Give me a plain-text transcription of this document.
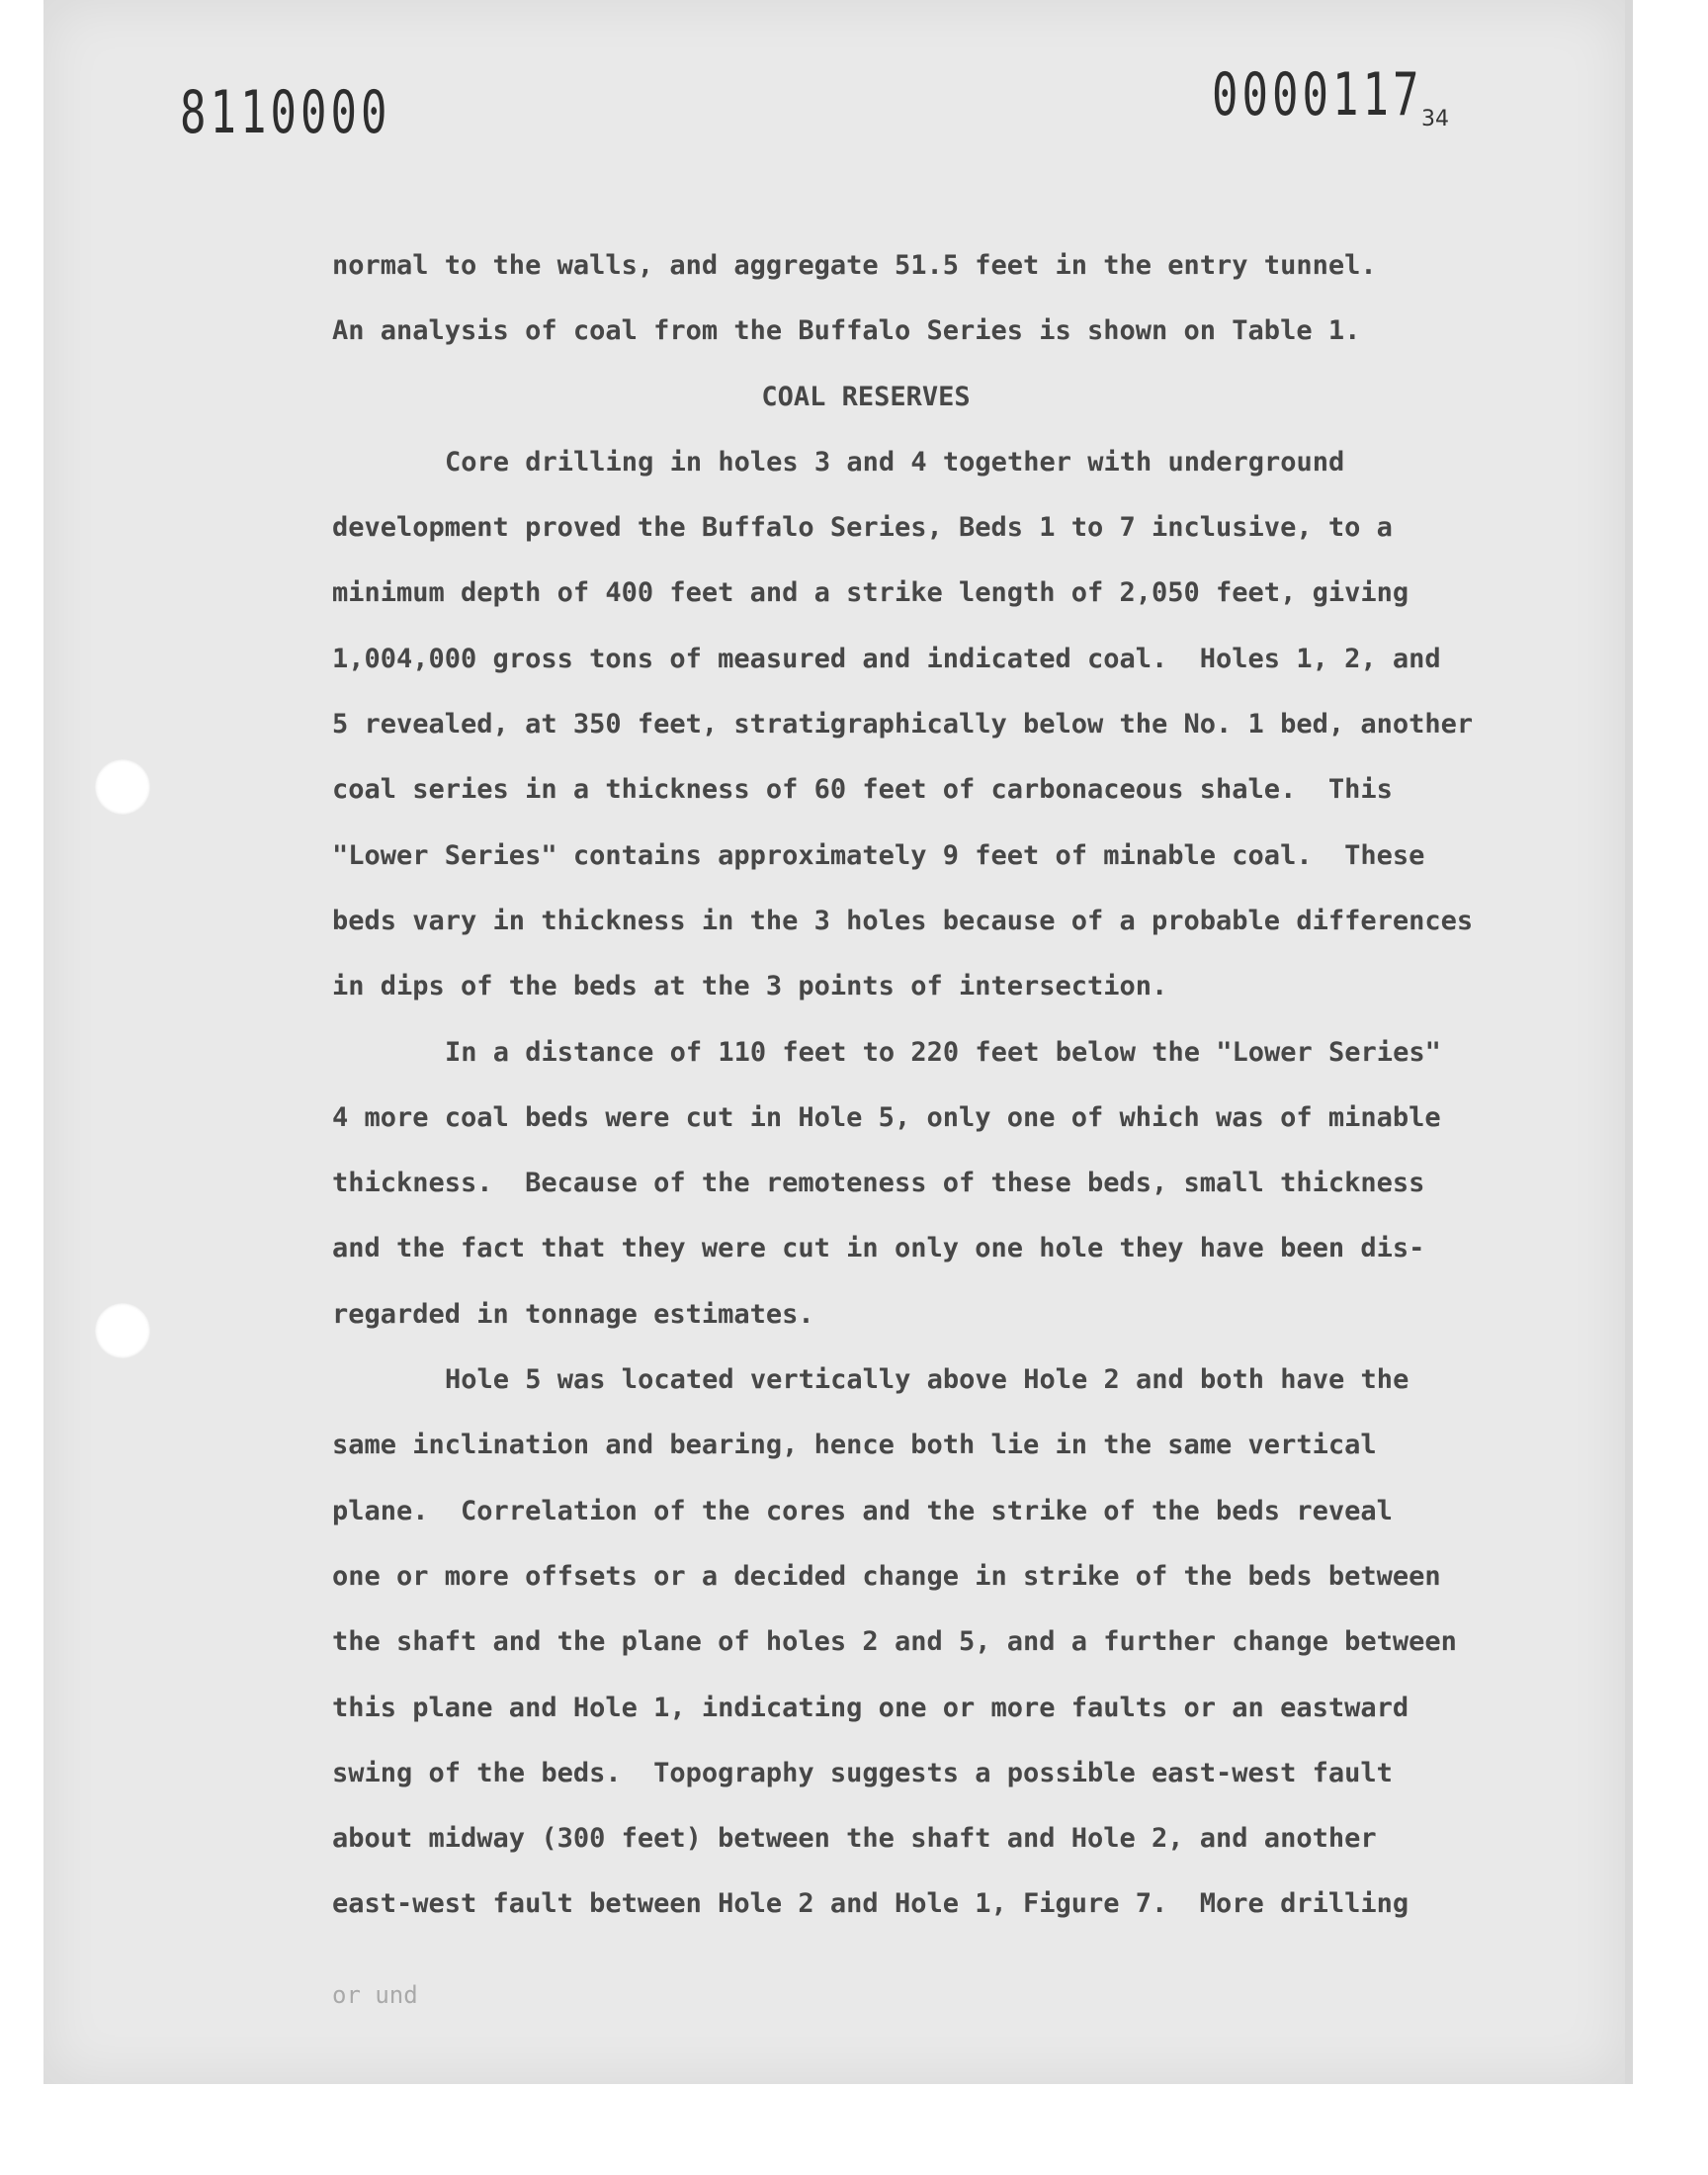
8110000	0000117
34
normal to the walls, and aggregate 51.5 feet in the entry tunnel.
An analysis of coal from the Buffalo Series is shown on Table 1.
COAL RESERVES
Core drilling in holes 3 and 4 together with underground
development proved the Buffalo Series, Beds 1 to 7 inclusive, to a
minimum depth of 400 feet and a strike length of 2,050 feet, giving
1,004,000 gross tons of measured and indicated coal.  Holes 1, 2, and
5 revealed, at 350 feet, stratigraphically below the No. 1 bed, another
coal series in a thickness of 60 feet of carbonaceous shale.  This
"Lower Series" contains approximately 9 feet of minable coal.  These
beds vary in thickness in the 3 holes because of a probable differences
in dips of the beds at the 3 points of intersection.
In a distance of 110 feet to 220 feet below the "Lower Series"
4 more coal beds were cut in Hole 5, only one of which was of minable
thickness.  Because of the remoteness of these beds, small thickness
and the fact that they were cut in only one hole they have been dis-
regarded in tonnage estimates.
Hole 5 was located vertically above Hole 2 and both have the
same inclination and bearing, hence both lie in the same vertical
plane.  Correlation of the cores and the strike of the beds reveal
one or more offsets or a decided change in strike of the beds between
the shaft and the plane of holes 2 and 5, and a further change between
this plane and Hole 1, indicating one or more faults or an eastward
swing of the beds.  Topography suggests a possible east-west fault
about midway (300 feet) between the shaft and Hole 2, and another
east-west fault between Hole 2 and Hole 1, Figure 7.  More drilling
or und
